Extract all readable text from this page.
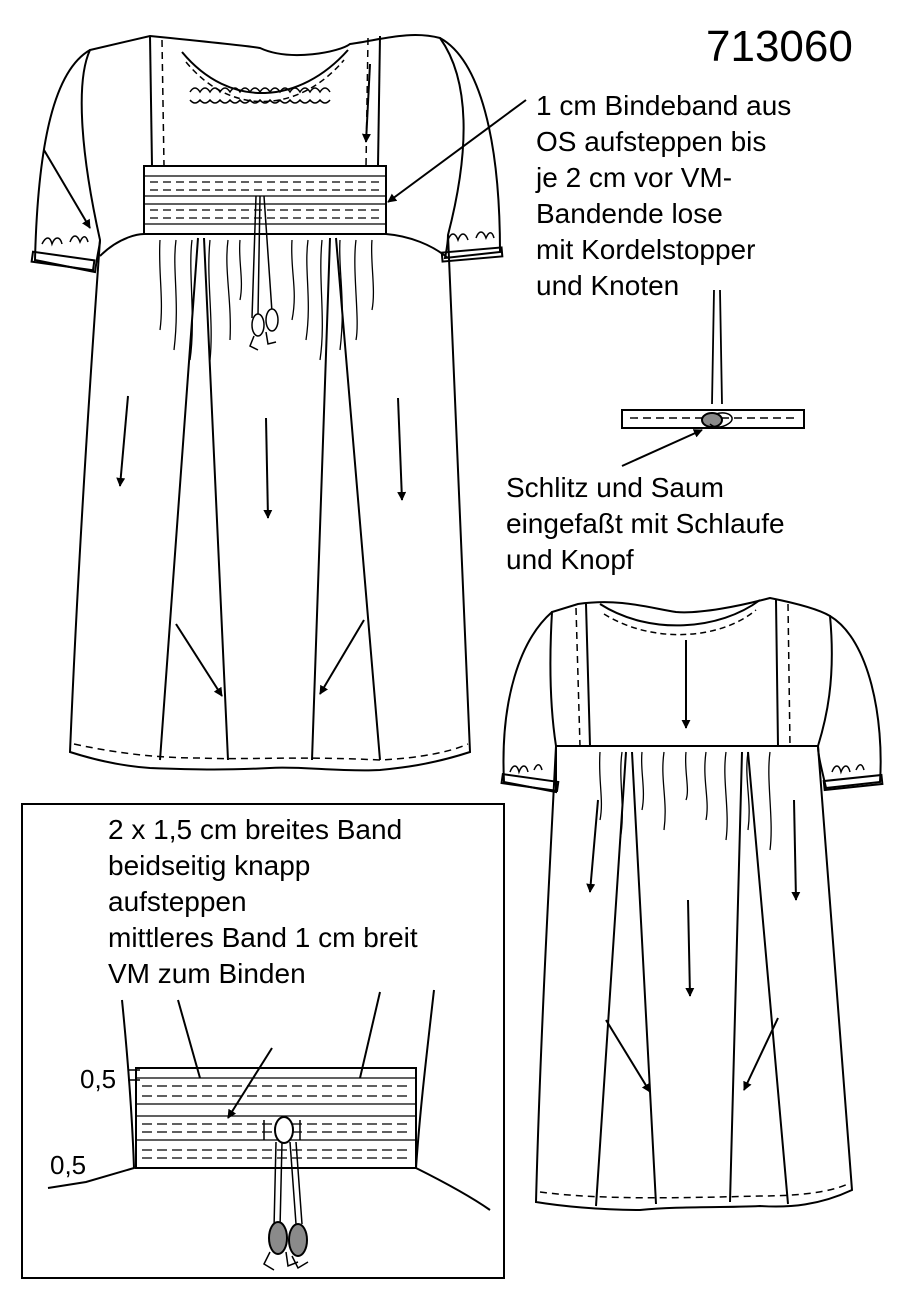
713060
1 cm Bindeband aus
OS aufsteppen bis
je 2 cm vor VM-
Bandende lose
mit Kordelstopper
und Knoten
Schlitz und Saum
eingefaßt mit Schlaufe
und Knopf
2 x 1,5 cm breites Band
beidseitig knapp
aufsteppen
mittleres Band 1 cm breit
VM zum Binden
0,5
0,5
